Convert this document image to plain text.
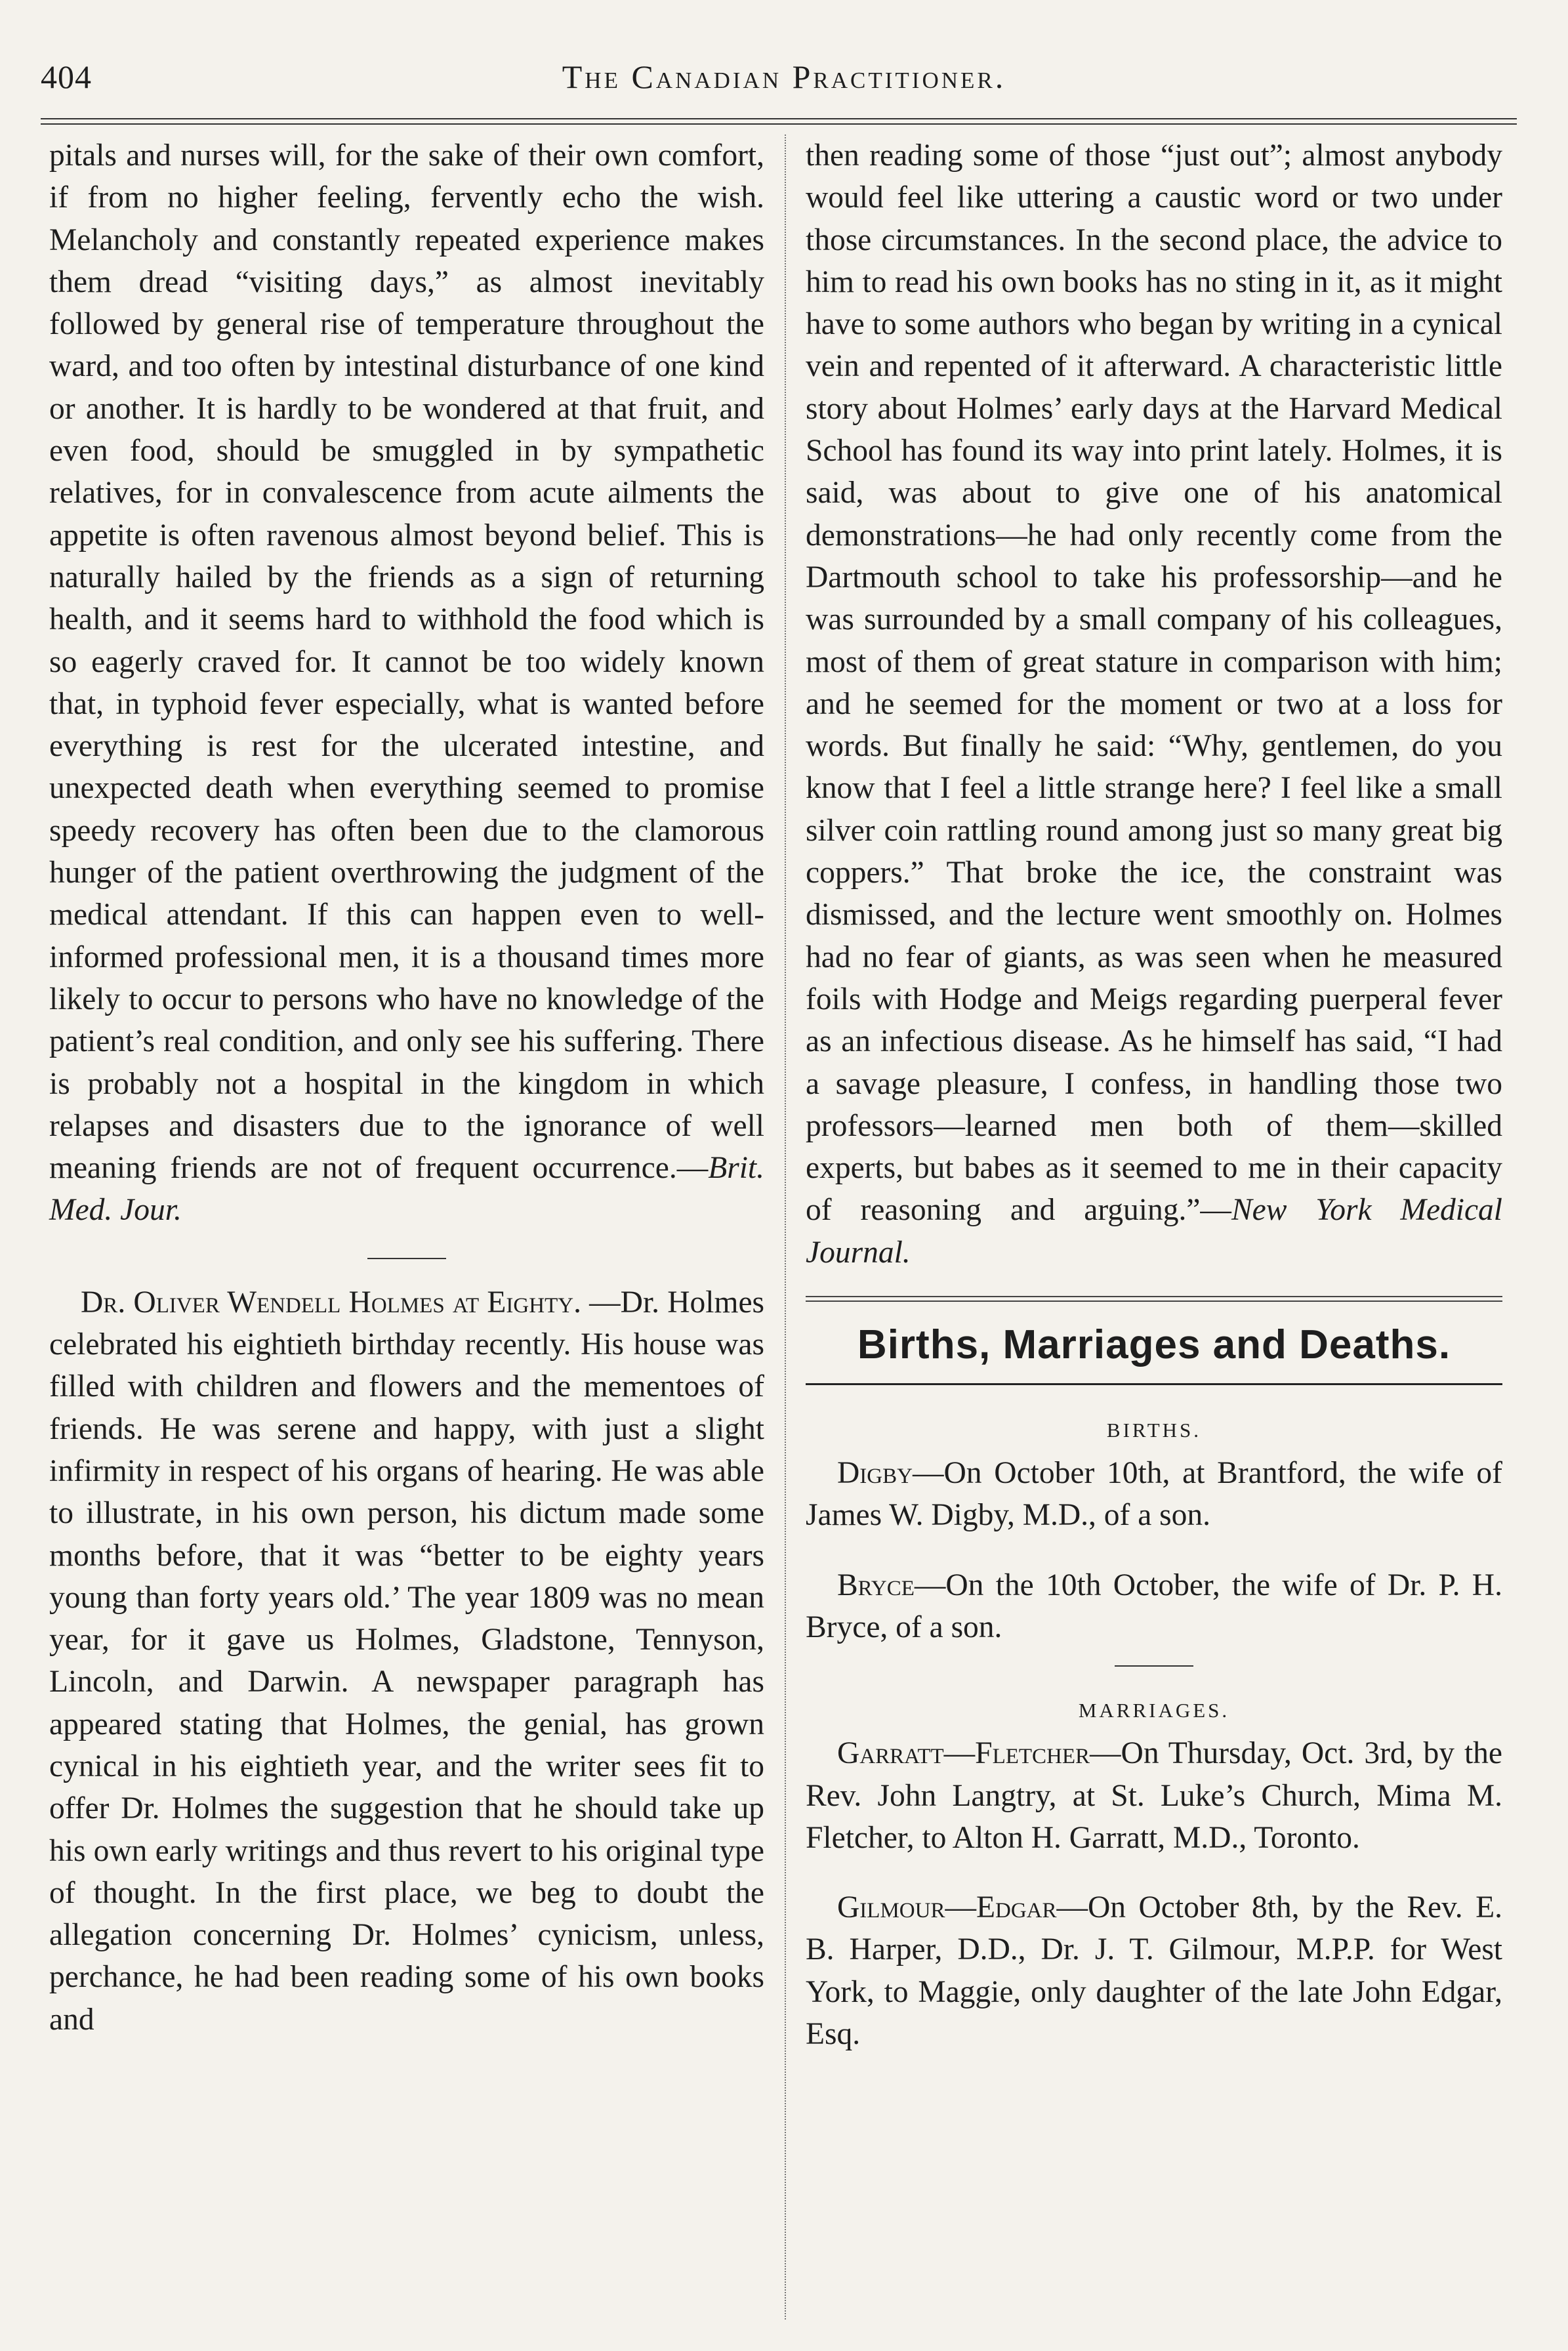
404	The Canadian Practitioner.

pitals and nurses will, for the sake of their own comfort, if from no higher feeling, fervently echo the wish. Melancholy and constantly repeated experience makes them dread “visiting days,” as almost inevitably followed by general rise of temperature throughout the ward, and too often by intestinal disturbance of one kind or another. It is hardly to be wondered at that fruit, and even food, should be smuggled in by sympathetic relatives, for in convalescence from acute ailments the appetite is often ravenous almost beyond belief. This is naturally hailed by the friends as a sign of returning health, and it seems hard to withhold the food which is so eagerly craved for. It cannot be too widely known that, in typhoid fever especially, what is wanted before everything is rest for the ulcerated intestine, and unexpected death when everything seemed to promise speedy recovery has often been due to the clamorous hunger of the patient overthrowing the judgment of the medical attendant. If this can happen even to well-informed professional men, it is a thousand times more likely to occur to persons who have no knowledge of the patient’s real condition, and only see his suffering. There is probably not a hospital in the kingdom in which relapses and disasters due to the ignorance of well meaning friends are not of frequent occurrence.—Brit. Med. Jour.

Dr. Oliver Wendell Holmes at Eighty. —Dr. Holmes celebrated his eightieth birthday recently. His house was filled with children and flowers and the mementoes of friends. He was serene and happy, with just a slight infirmity in respect of his organs of hearing. He was able to illustrate, in his own person, his dictum made some months before, that it was “better to be eighty years young than forty years old.’ The year 1809 was no mean year, for it gave us Holmes, Gladstone, Tennyson, Lincoln, and Darwin. A newspaper paragraph has appeared stating that Holmes, the genial, has grown cynical in his eightieth year, and the writer sees fit to offer Dr. Holmes the suggestion that he should take up his own early writings and thus revert to his original type of thought. In the first place, we beg to doubt the allegation concerning Dr. Holmes’ cynicism, unless, perchance, he had been reading some of his own books and

then reading some of those “just out”; almost anybody would feel like uttering a caustic word or two under those circumstances. In the second place, the advice to him to read his own books has no sting in it, as it might have to some authors who began by writing in a cynical vein and repented of it afterward. A characteristic little story about Holmes’ early days at the Harvard Medical School has found its way into print lately. Holmes, it is said, was about to give one of his anatomical demonstrations—he had only recently come from the Dartmouth school to take his professorship—and he was surrounded by a small company of his colleagues, most of them of great stature in comparison with him; and he seemed for the moment or two at a loss for words. But finally he said: “Why, gentlemen, do you know that I feel a little strange here? I feel like a small silver coin rattling round among just so many great big coppers.” That broke the ice, the constraint was dismissed, and the lecture went smoothly on. Holmes had no fear of giants, as was seen when he measured foils with Hodge and Meigs regarding puerperal fever as an infectious disease. As he himself has said, “I had a savage pleasure, I confess, in handling those two professors—learned men both of them—skilled experts, but babes as it seemed to me in their capacity of reasoning and arguing.”—New York Medical Journal.

Births, Marriages and Deaths.
BIRTHS.

Digby—On October 10th, at Brantford, the wife of James W. Digby, M.D., of a son.

Bryce—On the 10th October, the wife of Dr. P. H. Bryce, of a son.

MARRIAGES.

Garratt—Fletcher—On Thursday, Oct. 3rd, by the Rev. John Langtry, at St. Luke’s Church, Mima M. Fletcher, to Alton H. Garratt, M.D., Toronto.

Gilmour—Edgar—On October 8th, by the Rev. E. B. Harper, D.D., Dr. J. T. Gilmour, M.P.P. for West York, to Maggie, only daughter of the late John Edgar, Esq.
